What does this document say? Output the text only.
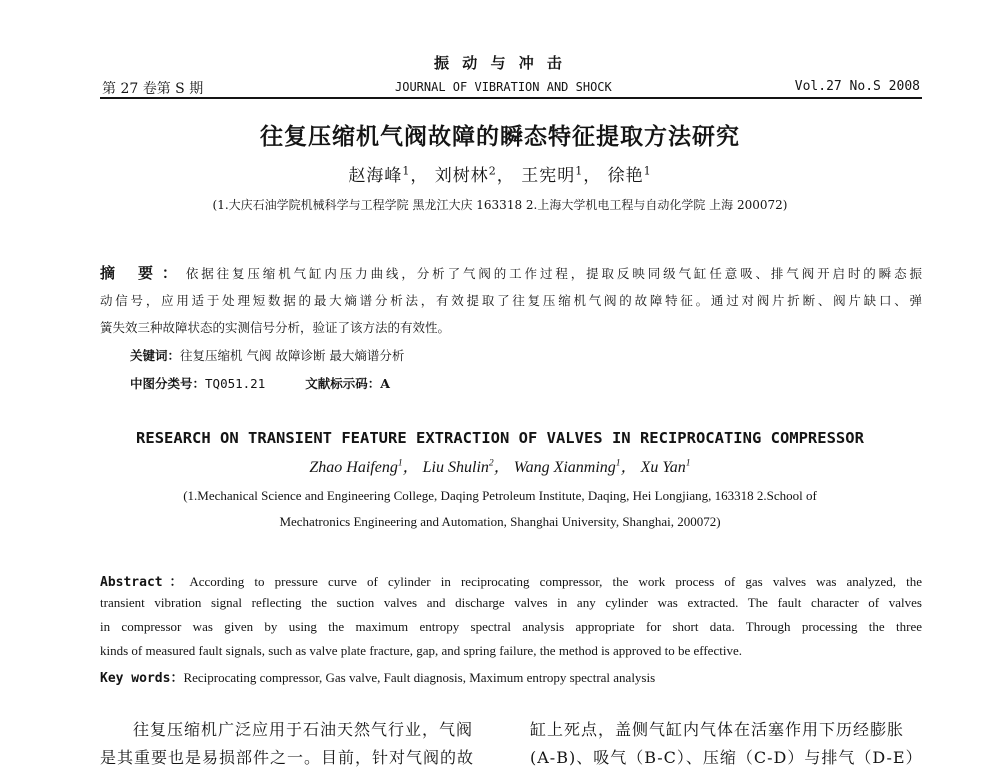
振 动 与 冲 击
第 27 卷第 S 期	JOURNAL OF VIBRATION AND SHOCK	Vol.27 No.S 2008
往复压缩机气阀故障的瞬态特征提取方法研究
赵海峰$^1$， 刘树林$^2$， 王宪明$^1$， 徐艳$^1$
(1.大庆石油学院机械科学与工程学院 黑龙江大庆 163318 2.上海大学机电工程与自动化学院 上海 200072)
摘 要：依据往复压缩机气缸内压力曲线，分析了气阀的工作过程，提取反映同级气缸任意吸、排气阀开启时的瞬态振
动信号，应用适于处理短数据的最大熵谱分析法，有效提取了往复压缩机气阀的故障特征。通过对阀片折断、阀片缺口、弹
簧失效三种故障状态的实测信号分析，验证了该方法的有效性。
关键词：往复压缩机 气阀 故障诊断 最大熵谱分析
中图分类号：TQ051.21	文献标示码：A
RESEARCH ON TRANSIENT FEATURE EXTRACTION OF VALVES IN RECIPROCATING COMPRESSOR
Zhao Haifeng$^1$， Liu Shulin$^2$， Wang Xianming$^1$， Xu Yan$^1$
(1.Mechanical Science and Engineering College, Daqing Petroleum Institute, Daqing, Hei Longjiang, 163318 2.School of
Mechatronics Engineering and Automation, Shanghai University, Shanghai, 200072)
Abstract：According to pressure curve of cylinder in reciprocating compressor, the work process of gas valves was analyzed, the
transient vibration signal reflecting the suction valves and discharge valves in any cylinder was extracted. The fault character of valves
in compressor was given by using the maximum entropy spectral analysis appropriate for short data. Through processing the three
kinds of measured fault signals, such as valve plate fracture, gap, and spring failure, the method is approved to be effective.
Key words：Reciprocating compressor, Gas valve, Fault diagnosis, Maximum entropy spectral analysis
往复压缩机广泛应用于石油天然气行业，气阀
是其重要也是易损部件之一。目前，针对气阀的故
缸上死点，盖侧气缸内气体在活塞作用下历经膨胀
(A-B)、吸气（B-C）、压缩（C-D）与排气（D-E）
